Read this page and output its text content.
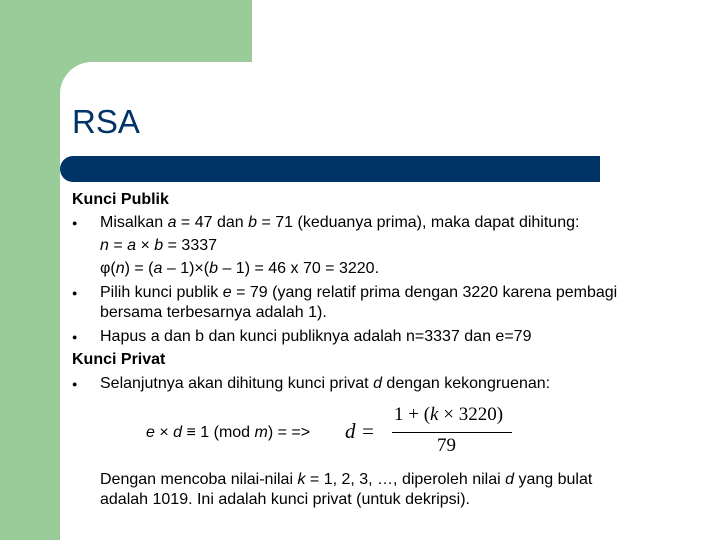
RSA
Kunci Publik
●
Misalkan a = 47 dan b = 71 (keduanya prima), maka dapat dihitung:
n = a × b = 3337
φ(n) = (a – 1)×(b – 1) = 46 x 70 = 3220.
●
Pilih kunci publik e = 79 (yang relatif prima dengan 3220 karena pembagi
bersama terbesarnya adalah 1).
●
Hapus a dan b dan kunci publiknya adalah n=3337 dan e=79
Kunci Privat
●
Selanjutnya akan dihitung kunci privat d dengan kekongruenan:
e × d ≡ 1 (mod m) = => d =
1 + (k × 3220)
79
Dengan mencoba nilai-nilai k = 1, 2, 3, …, diperoleh nilai d yang bulat
adalah 1019. Ini adalah kunci privat (untuk dekripsi).
